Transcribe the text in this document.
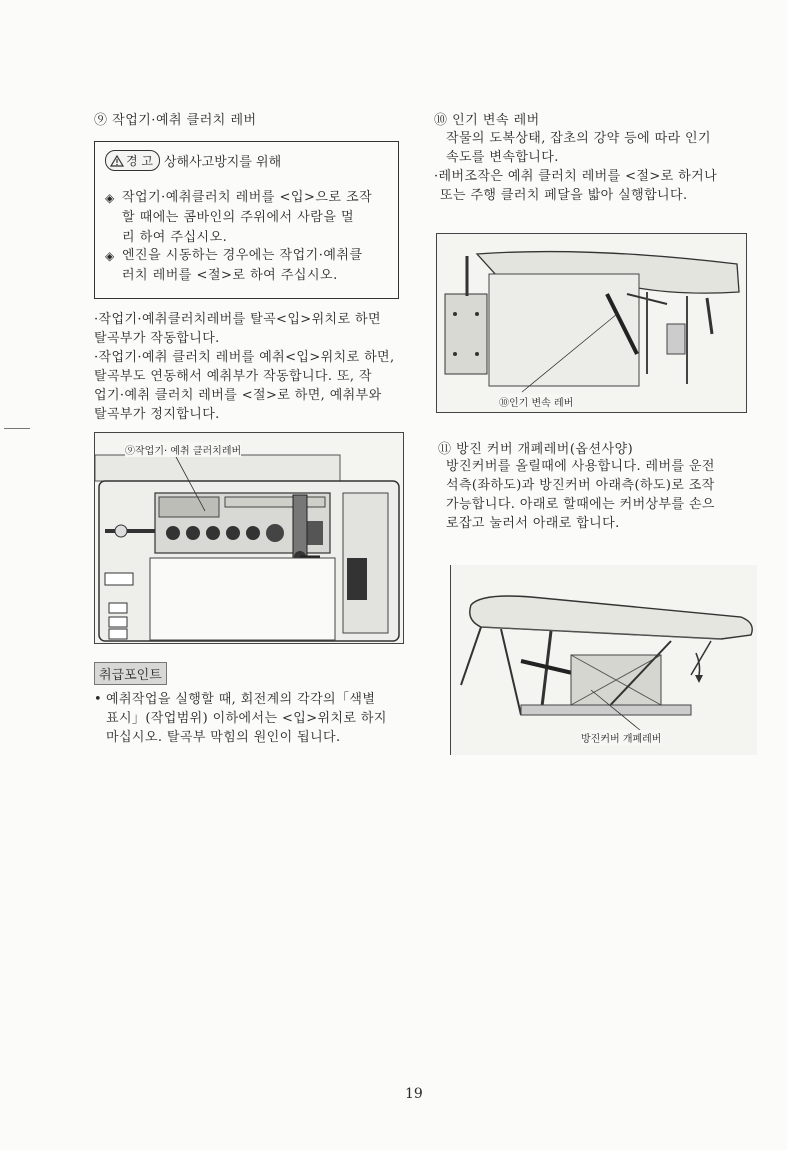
⑨ 작업기·예취 클러치 레버
경 고 상해사고방지를 위해
◈ 작업기·예취클러치 레버를 <입>으로 조작
할 때에는 콤바인의 주위에서 사람을 멀
리 하여 주십시오.
◈ 엔진을 시동하는 경우에는 작업기·예취클
러치 레버를 <절>로 하여 주십시오.
·작업기·예취클러치레버를 탈곡<입>위치로 하면
탈곡부가 작동합니다.
·작업기·예취 클러치 레버를 예취<입>위치로 하면,
탈곡부도 연동해서 예취부가 작동합니다. 또, 작
업기·예취 클러치 레버를 <절>로 하면, 예취부와
탈곡부가 정지합니다.
⑨작업기· 예취 클러치레버
취급포인트
• 예취작업을 실행할 때, 회전계의 각각의「색별
표시」(작업범위) 이하에서는 <입>위치로 하지
마십시오. 탈곡부 막힘의 원인이 됩니다.
⑩ 인기 변속 레버
작물의 도복상태, 잡초의 강약 등에 따라 인기
속도를 변속합니다.
·레버조작은 예취 클러치 레버를 <절>로 하거나
또는 주행 클러치 페달을 밟아 실행합니다.
⑩인기 변속 레버
⑪ 방진 커버 개폐레버(옵션사양)
방진커버를 올릴때에 사용합니다. 레버를 운전
석측(좌하도)과 방진커버 아래측(하도)로 조작
가능합니다. 아래로 할때에는 커버상부를 손으
로잡고 눌러서 아래로 합니다.
방진커버 개폐레버
19
